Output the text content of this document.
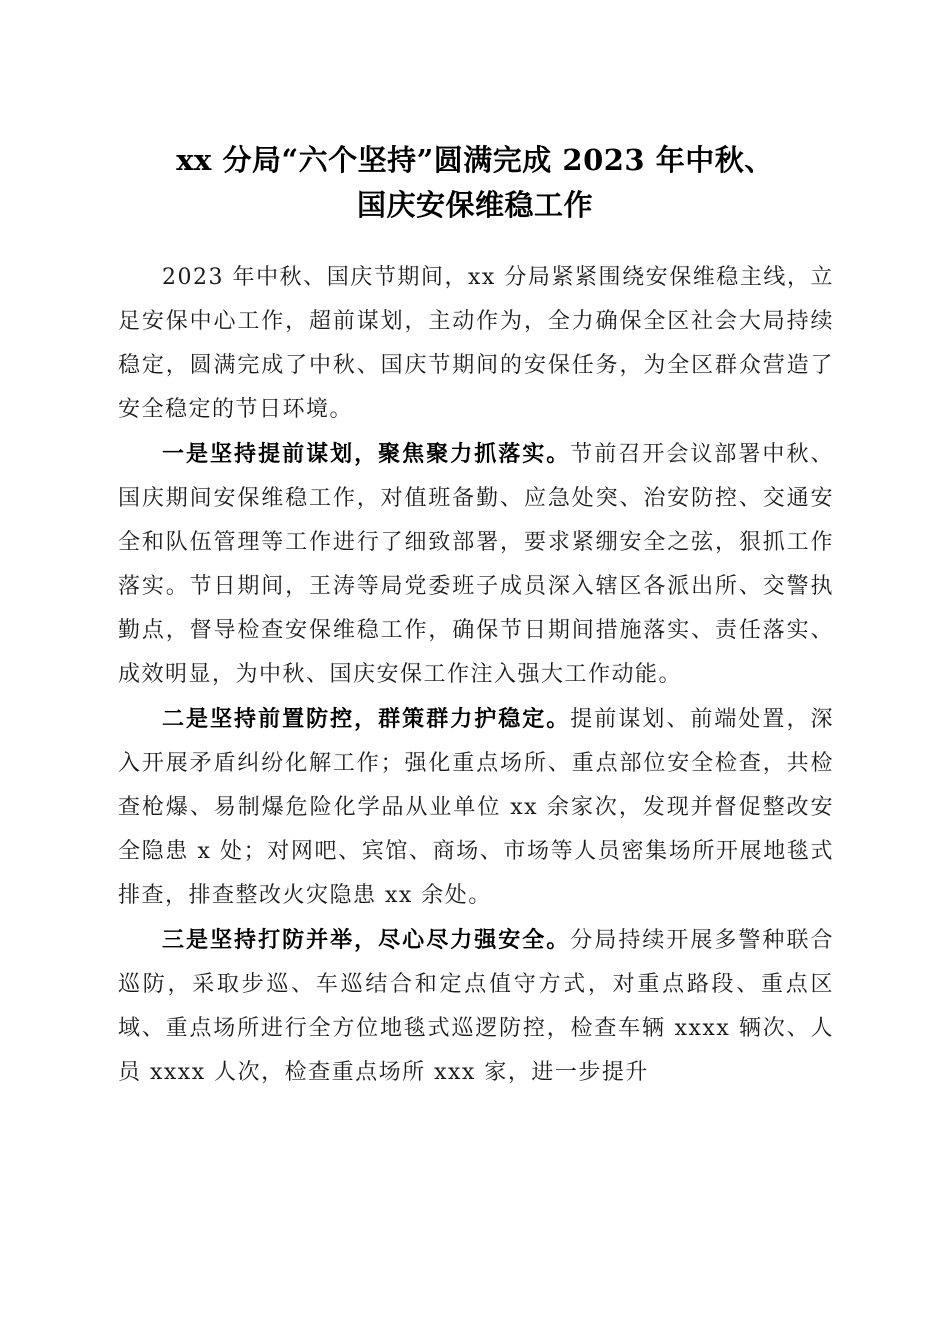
xx 分局“六个坚持”圆满完成 2023 年中秋、
国庆安保维稳工作

2023 年中秋、国庆节期间，xx 分局紧紧围绕安保维稳主线，立足安保中心工作，超前谋划，主动作为，全力确保全区社会大局持续稳定，圆满完成了中秋、国庆节期间的安保任务，为全区群众营造了安全稳定的节日环境。

一是坚持提前谋划，聚焦聚力抓落实。节前召开会议部署中秋、国庆期间安保维稳工作，对值班备勤、应急处突、治安防控、交通安全和队伍管理等工作进行了细致部署，要求紧绷安全之弦，狠抓工作落实。节日期间，王涛等局党委班子成员深入辖区各派出所、交警执勤点，督导检查安保维稳工作，确保节日期间措施落实、责任落实、成效明显，为中秋、国庆安保工作注入强大工作动能。

二是坚持前置防控，群策群力护稳定。提前谋划、前端处置，深入开展矛盾纠纷化解工作；强化重点场所、重点部位安全检查，共检查枪爆、易制爆危险化学品从业单位 xx 余家次，发现并督促整改安全隐患 x 处；对网吧、宾馆、商场、市场等人员密集场所开展地毯式排查，排查整改火灾隐患 xx 余处。

三是坚持打防并举，尽心尽力强安全。分局持续开展多警种联合巡防，采取步巡、车巡结合和定点值守方式，对重点路段、重点区域、重点场所进行全方位地毯式巡逻防控，检查车辆 xxxx 辆次、人员 xxxx 人次，检查重点场所 xxx 家，进一步提升
